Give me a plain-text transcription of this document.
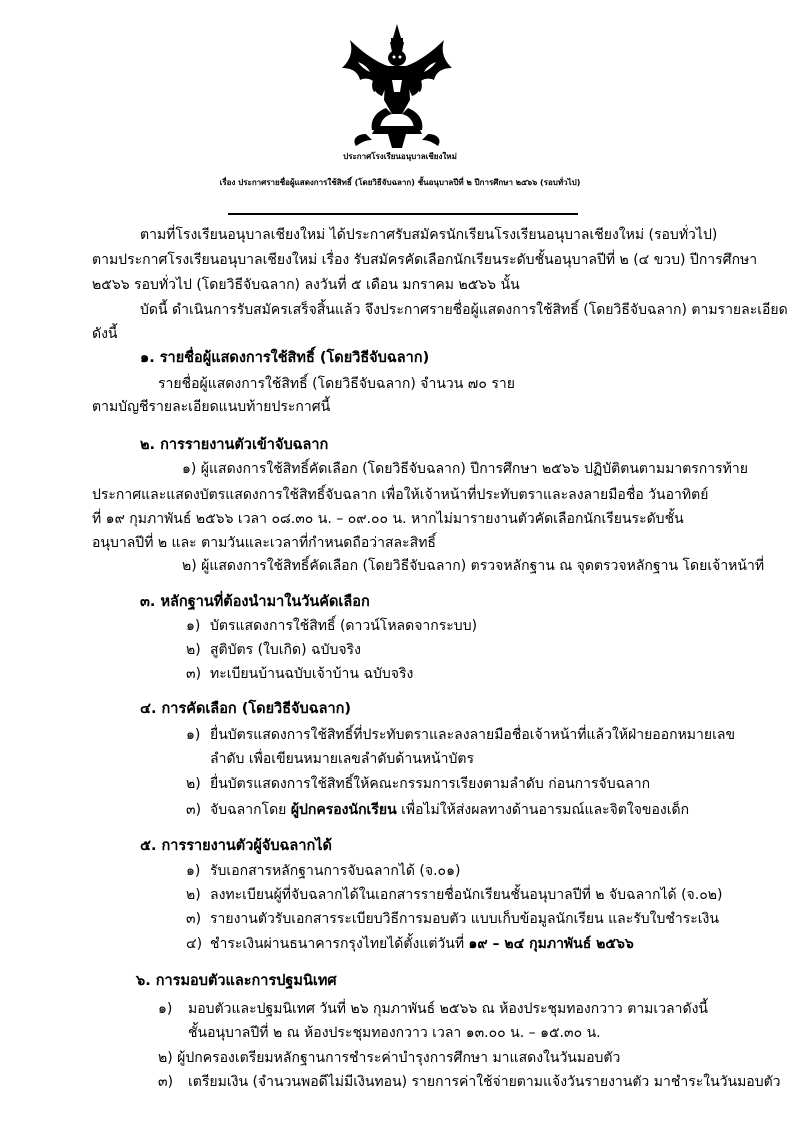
ประกาศโรงเรียนอนุบาลเชียงใหม่
เรื่อง ประกาศรายชื่อผู้แสดงการใช้สิทธิ์ (โดยวิธีจับฉลาก) ชั้นอนุบาลปีที่ ๒ ปีการศึกษา ๒๕๖๖ (รอบทั่วไป)
ตามที่โรงเรียนอนุบาลเชียงใหม่ ได้ประกาศรับสมัครนักเรียนโรงเรียนอนุบาลเชียงใหม่ (รอบทั่วไป)
ตามประกาศโรงเรียนอนุบาลเชียงใหม่ เรื่อง รับสมัครคัดเลือกนักเรียนระดับชั้นอนุบาลปีที่ ๒ (๔ ขวบ) ปีการศึกษา
๒๕๖๖ รอบทั่วไป (โดยวิธีจับฉลาก) ลงวันที่ ๕ เดือน มกราคม ๒๕๖๖ นั้น
บัดนี้ ดำเนินการรับสมัครเสร็จสิ้นแล้ว จึงประกาศรายชื่อผู้แสดงการใช้สิทธิ์ (โดยวิธีจับฉลาก) ตามรายละเอียด
ดังนี้
๑. รายชื่อผู้แสดงการใช้สิทธิ์ (โดยวิธีจับฉลาก)
รายชื่อผู้แสดงการใช้สิทธิ์ (โดยวิธีจับฉลาก) จำนวน ๗๐ ราย
ตามบัญชีรายละเอียดแนบท้ายประกาศนี้
๒. การรายงานตัวเข้าจับฉลาก
๑) ผู้แสดงการใช้สิทธิ์คัดเลือก (โดยวิธีจับฉลาก) ปีการศึกษา ๒๕๖๖ ปฏิบัติตนตามมาตรการท้าย
ประกาศและแสดงบัตรแสดงการใช้สิทธิ์จับฉลาก เพื่อให้เจ้าหน้าที่ประทับตราและลงลายมือชื่อ วันอาทิตย์
ที่ ๑๙ กุมภาพันธ์ ๒๕๖๖ เวลา ๐๘.๓๐ น. – ๐๙.๐๐ น. หากไม่มารายงานตัวคัดเลือกนักเรียนระดับชั้น
อนุบาลปีที่ ๒ และ ตามวันและเวลาที่กำหนดถือว่าสละสิทธิ์
๒) ผู้แสดงการใช้สิทธิ์คัดเลือก (โดยวิธีจับฉลาก) ตรวจหลักฐาน ณ จุดตรวจหลักฐาน โดยเจ้าหน้าที่
๓. หลักฐานที่ต้องนำมาในวันคัดเลือก
๑) บัตรแสดงการใช้สิทธิ์ (ดาวน์โหลดจากระบบ)
๒) สูติบัตร (ใบเกิด) ฉบับจริง
๓) ทะเบียนบ้านฉบับเจ้าบ้าน ฉบับจริง
๔. การคัดเลือก (โดยวิธีจับฉลาก)
๑) ยื่นบัตรแสดงการใช้สิทธิ์ที่ประทับตราและลงลายมือชื่อเจ้าหน้าที่แล้วให้ฝ่ายออกหมายเลข
ลำดับ เพื่อเขียนหมายเลขลำดับด้านหน้าบัตร
๒) ยื่นบัตรแสดงการใช้สิทธิ์ให้คณะกรรมการเรียงตามลำดับ ก่อนการจับฉลาก
๓) จับฉลากโดย ผู้ปกครองนักเรียน เพื่อไม่ให้ส่งผลทางด้านอารมณ์และจิตใจของเด็ก
๕. การรายงานตัวผู้จับฉลากได้
๑) รับเอกสารหลักฐานการจับฉลากได้ (จ.๐๑)
๒) ลงทะเบียนผู้ที่จับฉลากได้ในเอกสารรายชื่อนักเรียนชั้นอนุบาลปีที่ ๒ จับฉลากได้ (จ.๐๒)
๓) รายงานตัวรับเอกสารระเบียบวิธีการมอบตัว แบบเก็บข้อมูลนักเรียน และรับใบชำระเงิน
๔) ชำระเงินผ่านธนาคารกรุงไทยได้ตั้งแต่วันที่ ๑๙ – ๒๔ กุมภาพันธ์ ๒๕๖๖
๖. การมอบตัวและการปฐมนิเทศ
๑) มอบตัวและปฐมนิเทศ วันที่ ๒๖ กุมภาพันธ์ ๒๕๖๖ ณ ห้องประชุมทองกวาว ตามเวลาดังนี้
ชั้นอนุบาลปีที่ ๒ ณ ห้องประชุมทองกวาว เวลา ๑๓.๐๐ น. – ๑๕.๓๐ น.
๒) ผู้ปกครองเตรียมหลักฐานการชำระค่าบำรุงการศึกษา มาแสดงในวันมอบตัว
๓) เตรียมเงิน (จำนวนพอดีไม่มีเงินทอน) รายการค่าใช้จ่ายตามแจ้งวันรายงานตัว มาชำระในวันมอบตัว
